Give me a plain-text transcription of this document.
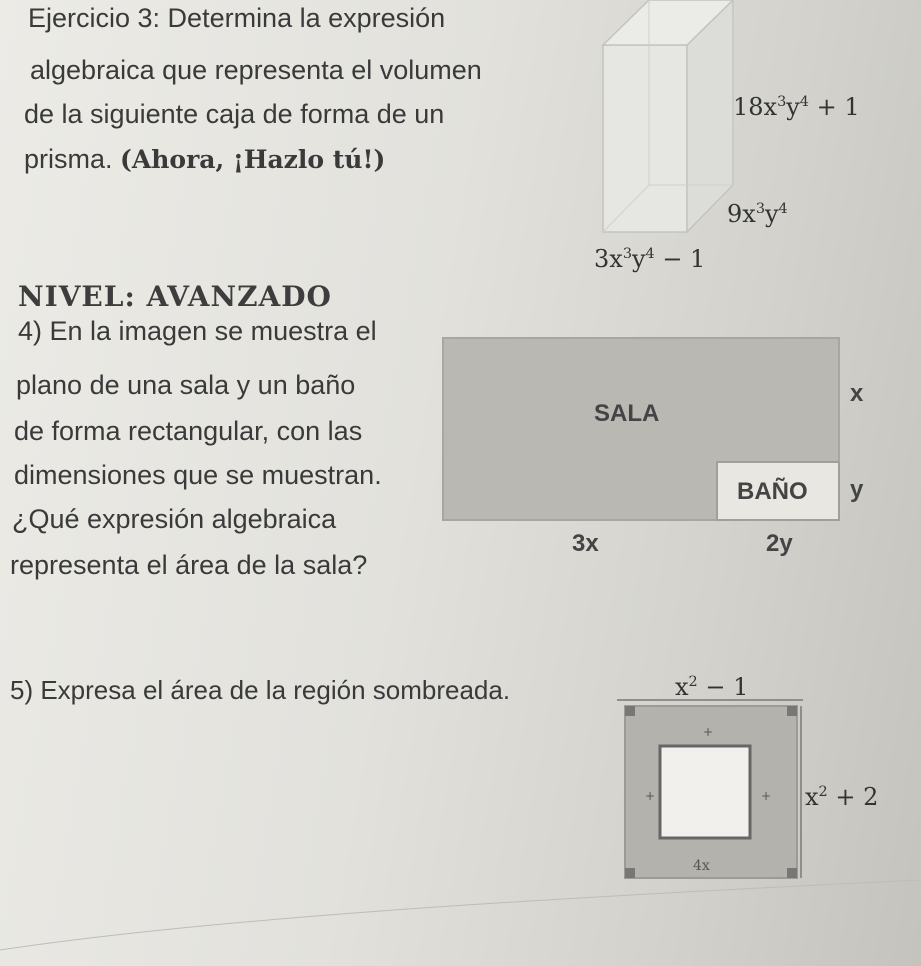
Ejercicio 3: Determina la expresión
algebraica que representa el volumen
de la siguiente caja de forma de un
prisma. (Ahora, ¡Hazlo tú!)
$18x^3y^4 + 1$
$9x^3y^4$
$3x^3y^4 - 1$
NIVEL: AVANZADO
4) En la imagen se muestra el
plano de una sala y un baño
de forma rectangular, con las
dimensiones que se muestran.
¿Qué expresión algebraica
representa el área de la sala?
SALA
BAÑO
x
y
3x	2y
5) Expresa el área de la región sombreada.	$x^2 - 1$
+
+	+
4x
$x^2 + 2$
